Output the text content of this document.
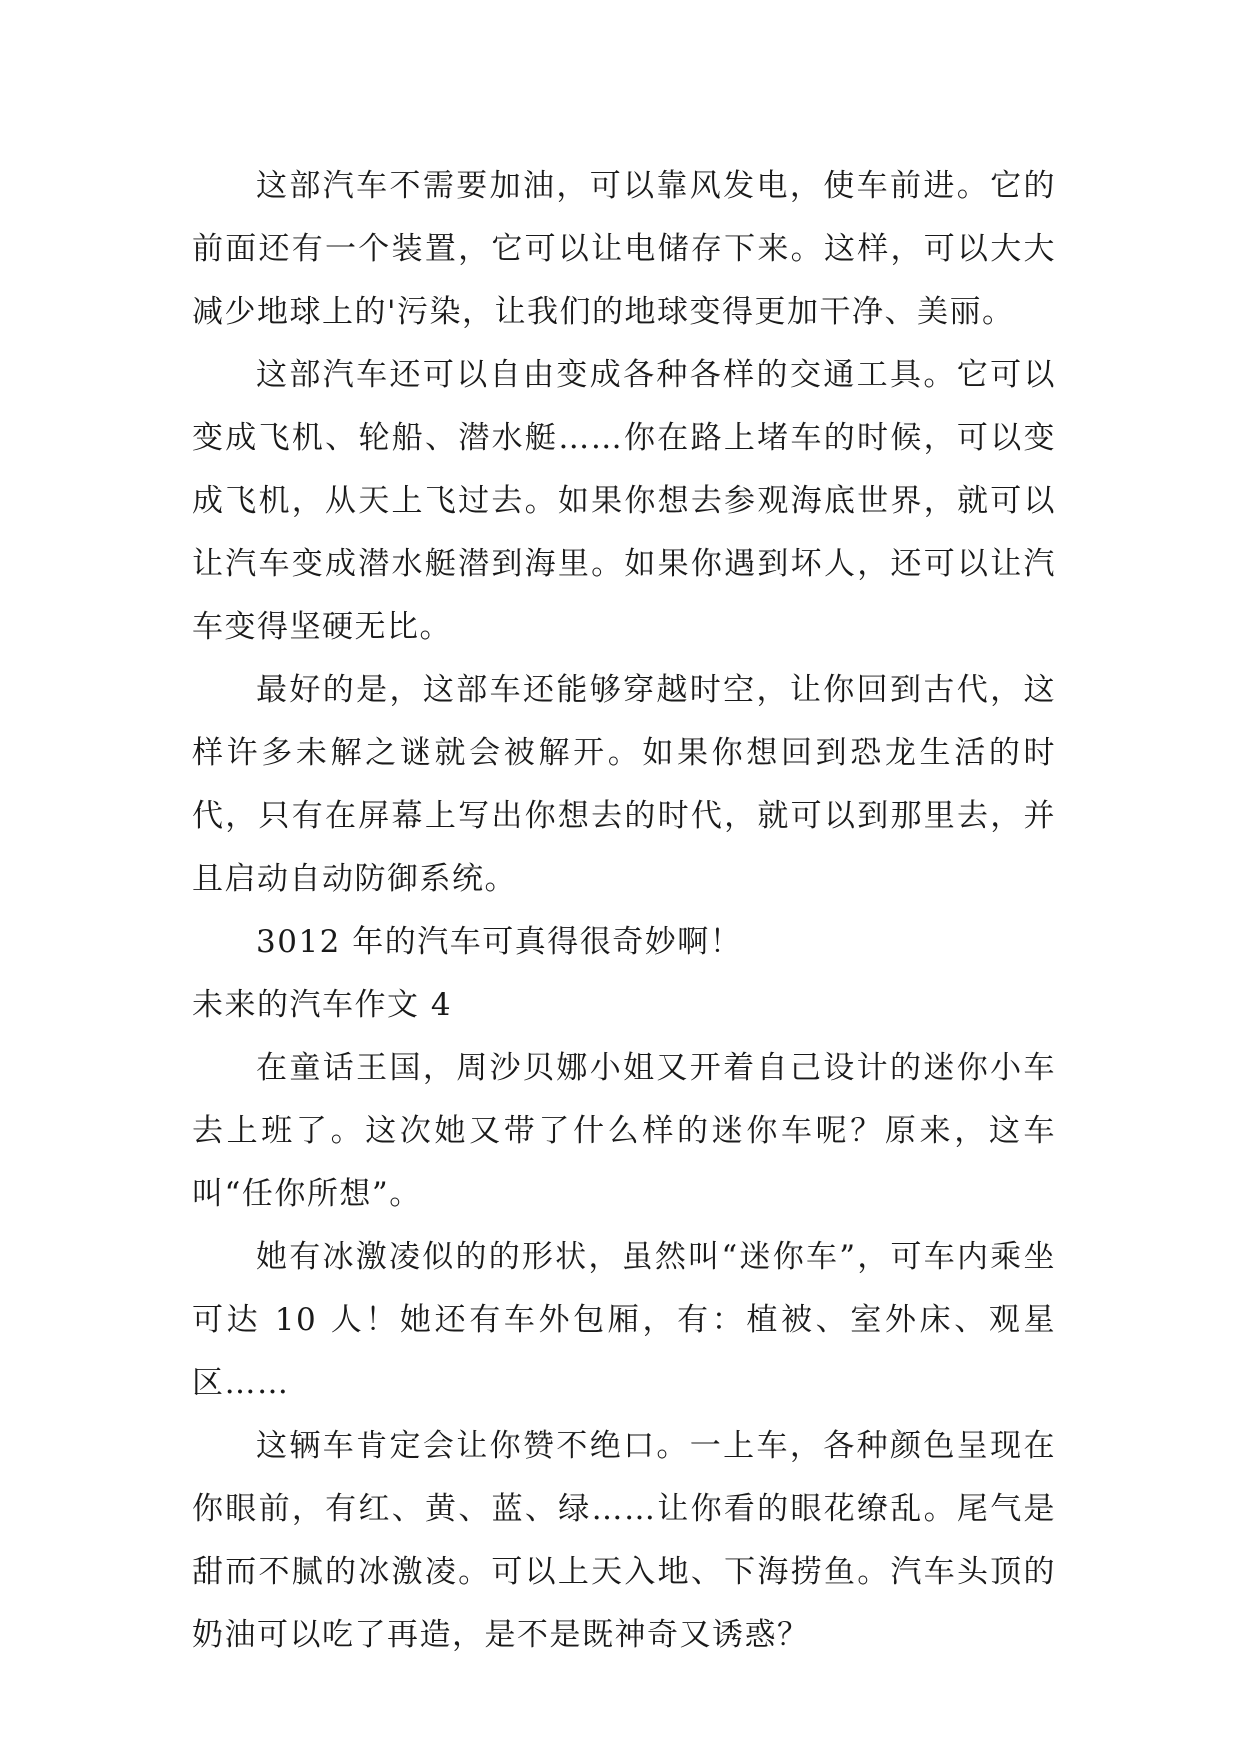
这部汽车不需要加油，可以靠风发电，使车前进。它的前面还有一个装置，它可以让电储存下来。这样，可以大大减少地球上的'污染，让我们的地球变得更加干净、美丽。

这部汽车还可以自由变成各种各样的交通工具。它可以变成飞机、轮船、潜水艇……你在路上堵车的时候，可以变成飞机，从天上飞过去。如果你想去参观海底世界，就可以让汽车变成潜水艇潜到海里。如果你遇到坏人，还可以让汽车变得坚硬无比。

最好的是，这部车还能够穿越时空，让你回到古代，这样许多未解之谜就会被解开。如果你想回到恐龙生活的时代，只有在屏幕上写出你想去的时代，就可以到那里去，并且启动自动防御系统。

3012 年的汽车可真得很奇妙啊！

未来的汽车作文 4

在童话王国，周沙贝娜小姐又开着自己设计的迷你小车去上班了。这次她又带了什么样的迷你车呢？原来，这车叫“任你所想”。

她有冰激凌似的的形状，虽然叫“迷你车”，可车内乘坐可达 10 人！她还有车外包厢，有：植被、室外床、观星区……

这辆车肯定会让你赞不绝口。一上车，各种颜色呈现在你眼前，有红、黄、蓝、绿……让你看的眼花缭乱。尾气是甜而不腻的冰激凌。可以上天入地、下海捞鱼。汽车头顶的奶油可以吃了再造，是不是既神奇又诱惑？
